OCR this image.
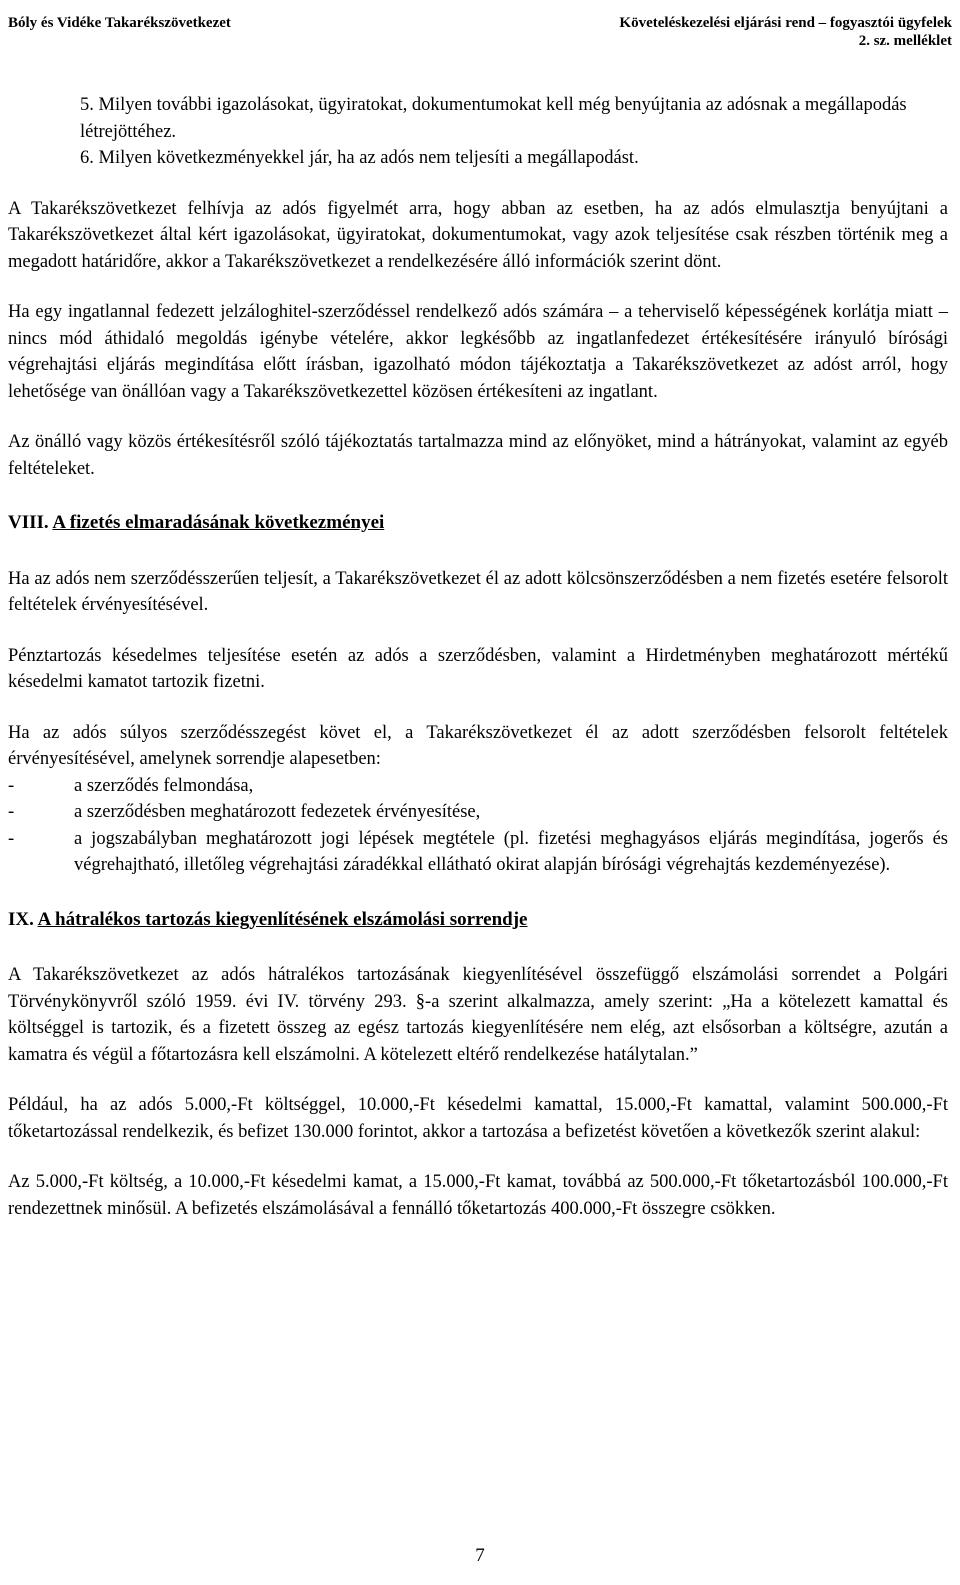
Bóly és Vidéke Takarékszövetkezet	Követeléskezelési eljárási rend – fogyasztói ügyfelek
2. sz. melléklet
5. Milyen további igazolásokat, ügyiratokat, dokumentumokat kell még benyújtania az adósnak a megállapodás létrejöttéhez.
6. Milyen következményekkel jár, ha az adós nem teljesíti a megállapodást.

A Takarékszövetkezet felhívja az adós figyelmét arra, hogy abban az esetben, ha az adós elmulasztja benyújtani a Takarékszövetkezet által kért igazolásokat, ügyiratokat, dokumentumokat, vagy azok teljesítése csak részben történik meg a megadott határidőre, akkor a Takarékszövetkezet a rendelkezésére álló információk szerint dönt.

Ha egy ingatlannal fedezett jelzáloghitel-szerződéssel rendelkező adós számára – a teherviselő képességének korlátja miatt – nincs mód áthidaló megoldás igénybe vételére, akkor legkésőbb az ingatlanfedezet értékesítésére irányuló bírósági végrehajtási eljárás megindítása előtt írásban, igazolható módon tájékoztatja a Takarékszövetkezet az adóst arról, hogy lehetősége van önállóan vagy a Takarékszövetkezettel közösen értékesíteni az ingatlant.

Az önálló vagy közös értékesítésről szóló tájékoztatás tartalmazza mind az előnyöket, mind a hátrányokat, valamint az egyéb feltételeket.

VIII. A fizetés elmaradásának következményei

Ha az adós nem szerződésszerűen teljesít, a Takarékszövetkezet él az adott kölcsönszerződésben a nem fizetés esetére felsorolt feltételek érvényesítésével.

Pénztartozás késedelmes teljesítése esetén az adós a szerződésben, valamint a Hirdetményben meghatározott mértékű késedelmi kamatot tartozik fizetni.

Ha az adós súlyos szerződésszegést követ el, a Takarékszövetkezet él az adott szerződésben felsorolt feltételek érvényesítésével, amelynek sorrendje alapesetben:

-	a szerződés felmondása,
-	a szerződésben meghatározott fedezetek érvényesítése,
-	a jogszabályban meghatározott jogi lépések megtétele (pl. fizetési meghagyásos eljárás megindítása, jogerős és végrehajtható, illetőleg végrehajtási záradékkal ellátható okirat alapján bírósági végrehajtás kezdeményezése).
IX. A hátralékos tartozás kiegyenlítésének elszámolási sorrendje

A Takarékszövetkezet az adós hátralékos tartozásának kiegyenlítésével összefüggő elszámolási sorrendet a Polgári Törvénykönyvről szóló 1959. évi IV. törvény 293. §-a szerint alkalmazza, amely szerint: „Ha a kötelezett kamattal és költséggel is tartozik, és a fizetett összeg az egész tartozás kiegyenlítésére nem elég, azt elsősorban a költségre, azután a kamatra és végül a főtartozásra kell elszámolni. A kötelezett eltérő rendelkezése hatálytalan.”

Például, ha az adós 5.000,-Ft költséggel, 10.000,-Ft késedelmi kamattal, 15.000,-Ft kamattal, valamint 500.000,-Ft tőketartozással rendelkezik, és befizet 130.000 forintot, akkor a tartozása a befizetést követően a következők szerint alakul:

Az 5.000,-Ft költség, a 10.000,-Ft késedelmi kamat, a 15.000,-Ft kamat, továbbá az 500.000,-Ft tőketartozásból 100.000,-Ft rendezettnek minősül. A befizetés elszámolásával a fennálló tőketartozás 400.000,-Ft összegre csökken.

7
